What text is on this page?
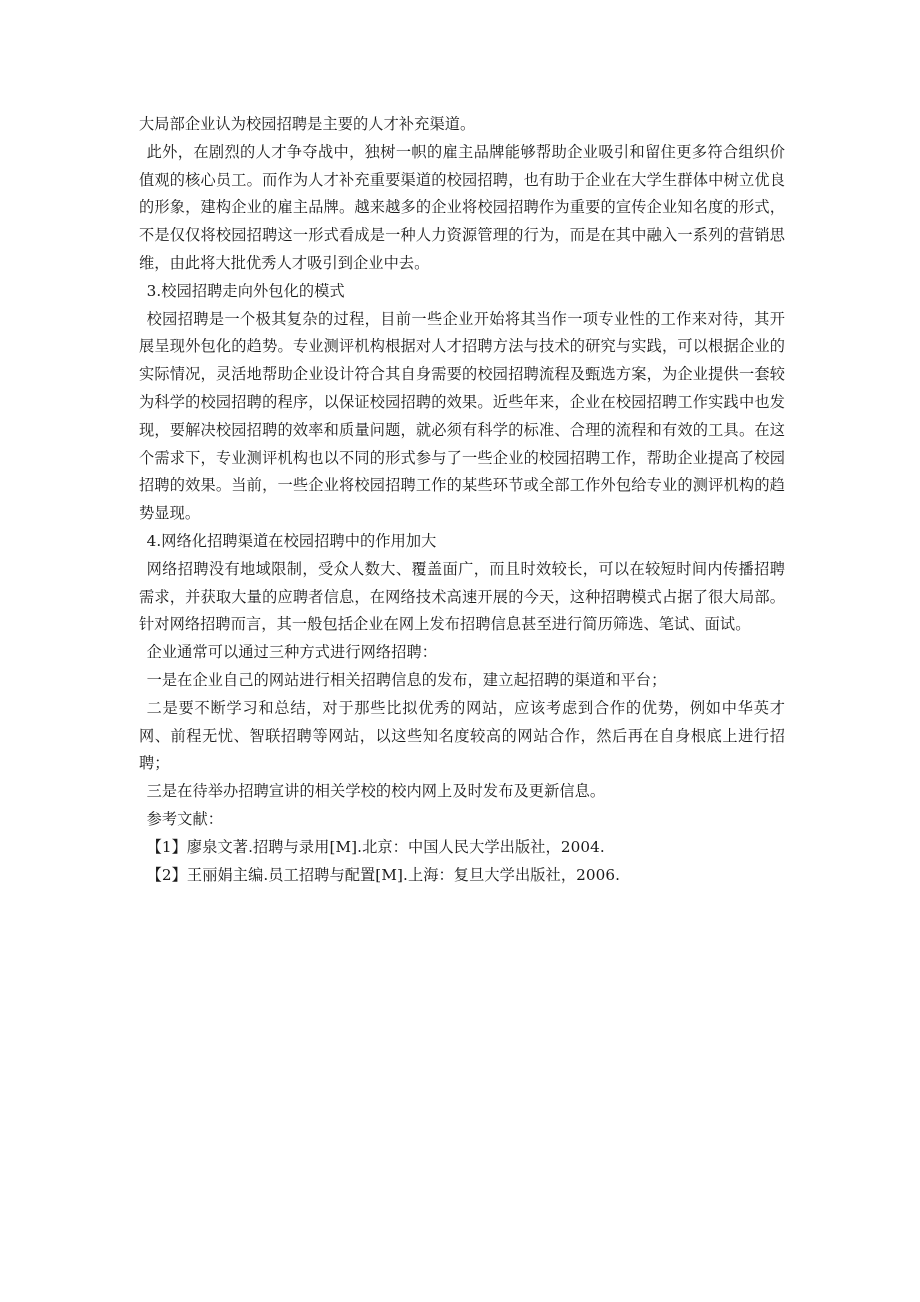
大局部企业认为校园招聘是主要的人才补充渠道。

此外，在剧烈的人才争夺战中，独树一帜的雇主品牌能够帮助企业吸引和留住更多符合组织价值观的核心员工。而作为人才补充重要渠道的校园招聘，也有助于企业在大学生群体中树立优良的形象，建构企业的雇主品牌。越来越多的企业将校园招聘作为重要的宣传企业知名度的形式，不是仅仅将校园招聘这一形式看成是一种人力资源管理的行为，而是在其中融入一系列的营销思维，由此将大批优秀人才吸引到企业中去。

3.校园招聘走向外包化的模式

校园招聘是一个极其复杂的过程，目前一些企业开始将其当作一项专业性的工作来对待，其开展呈现外包化的趋势。专业测评机构根据对人才招聘方法与技术的研究与实践，可以根据企业的实际情况，灵活地帮助企业设计符合其自身需要的校园招聘流程及甄选方案，为企业提供一套较为科学的校园招聘的程序，以保证校园招聘的效果。近些年来，企业在校园招聘工作实践中也发现，要解决校园招聘的效率和质量问题，就必须有科学的标准、合理的流程和有效的工具。在这个需求下，专业测评机构也以不同的形式参与了一些企业的校园招聘工作，帮助企业提高了校园招聘的效果。当前，一些企业将校园招聘工作的某些环节或全部工作外包给专业的测评机构的趋势显现。

4.网络化招聘渠道在校园招聘中的作用加大

网络招聘没有地域限制，受众人数大、覆盖面广，而且时效较长，可以在较短时间内传播招聘需求，并获取大量的应聘者信息，在网络技术高速开展的今天，这种招聘模式占据了很大局部。针对网络招聘而言，其一般包括企业在网上发布招聘信息甚至进行简历筛选、笔试、面试。

企业通常可以通过三种方式进行网络招聘：

一是在企业自己的网站进行相关招聘信息的发布，建立起招聘的渠道和平台；

二是要不断学习和总结，对于那些比拟优秀的网站，应该考虑到合作的优势，例如中华英才网、前程无忧、智联招聘等网站，以这些知名度较高的网站合作，然后再在自身根底上进行招聘；

三是在待举办招聘宣讲的相关学校的校内网上及时发布及更新信息。

参考文献：

【1】廖泉文著.招聘与录用[M].北京：中国人民大学出版社，2004.

【2】王丽娟主编.员工招聘与配置[M].上海：复旦大学出版社，2006.
